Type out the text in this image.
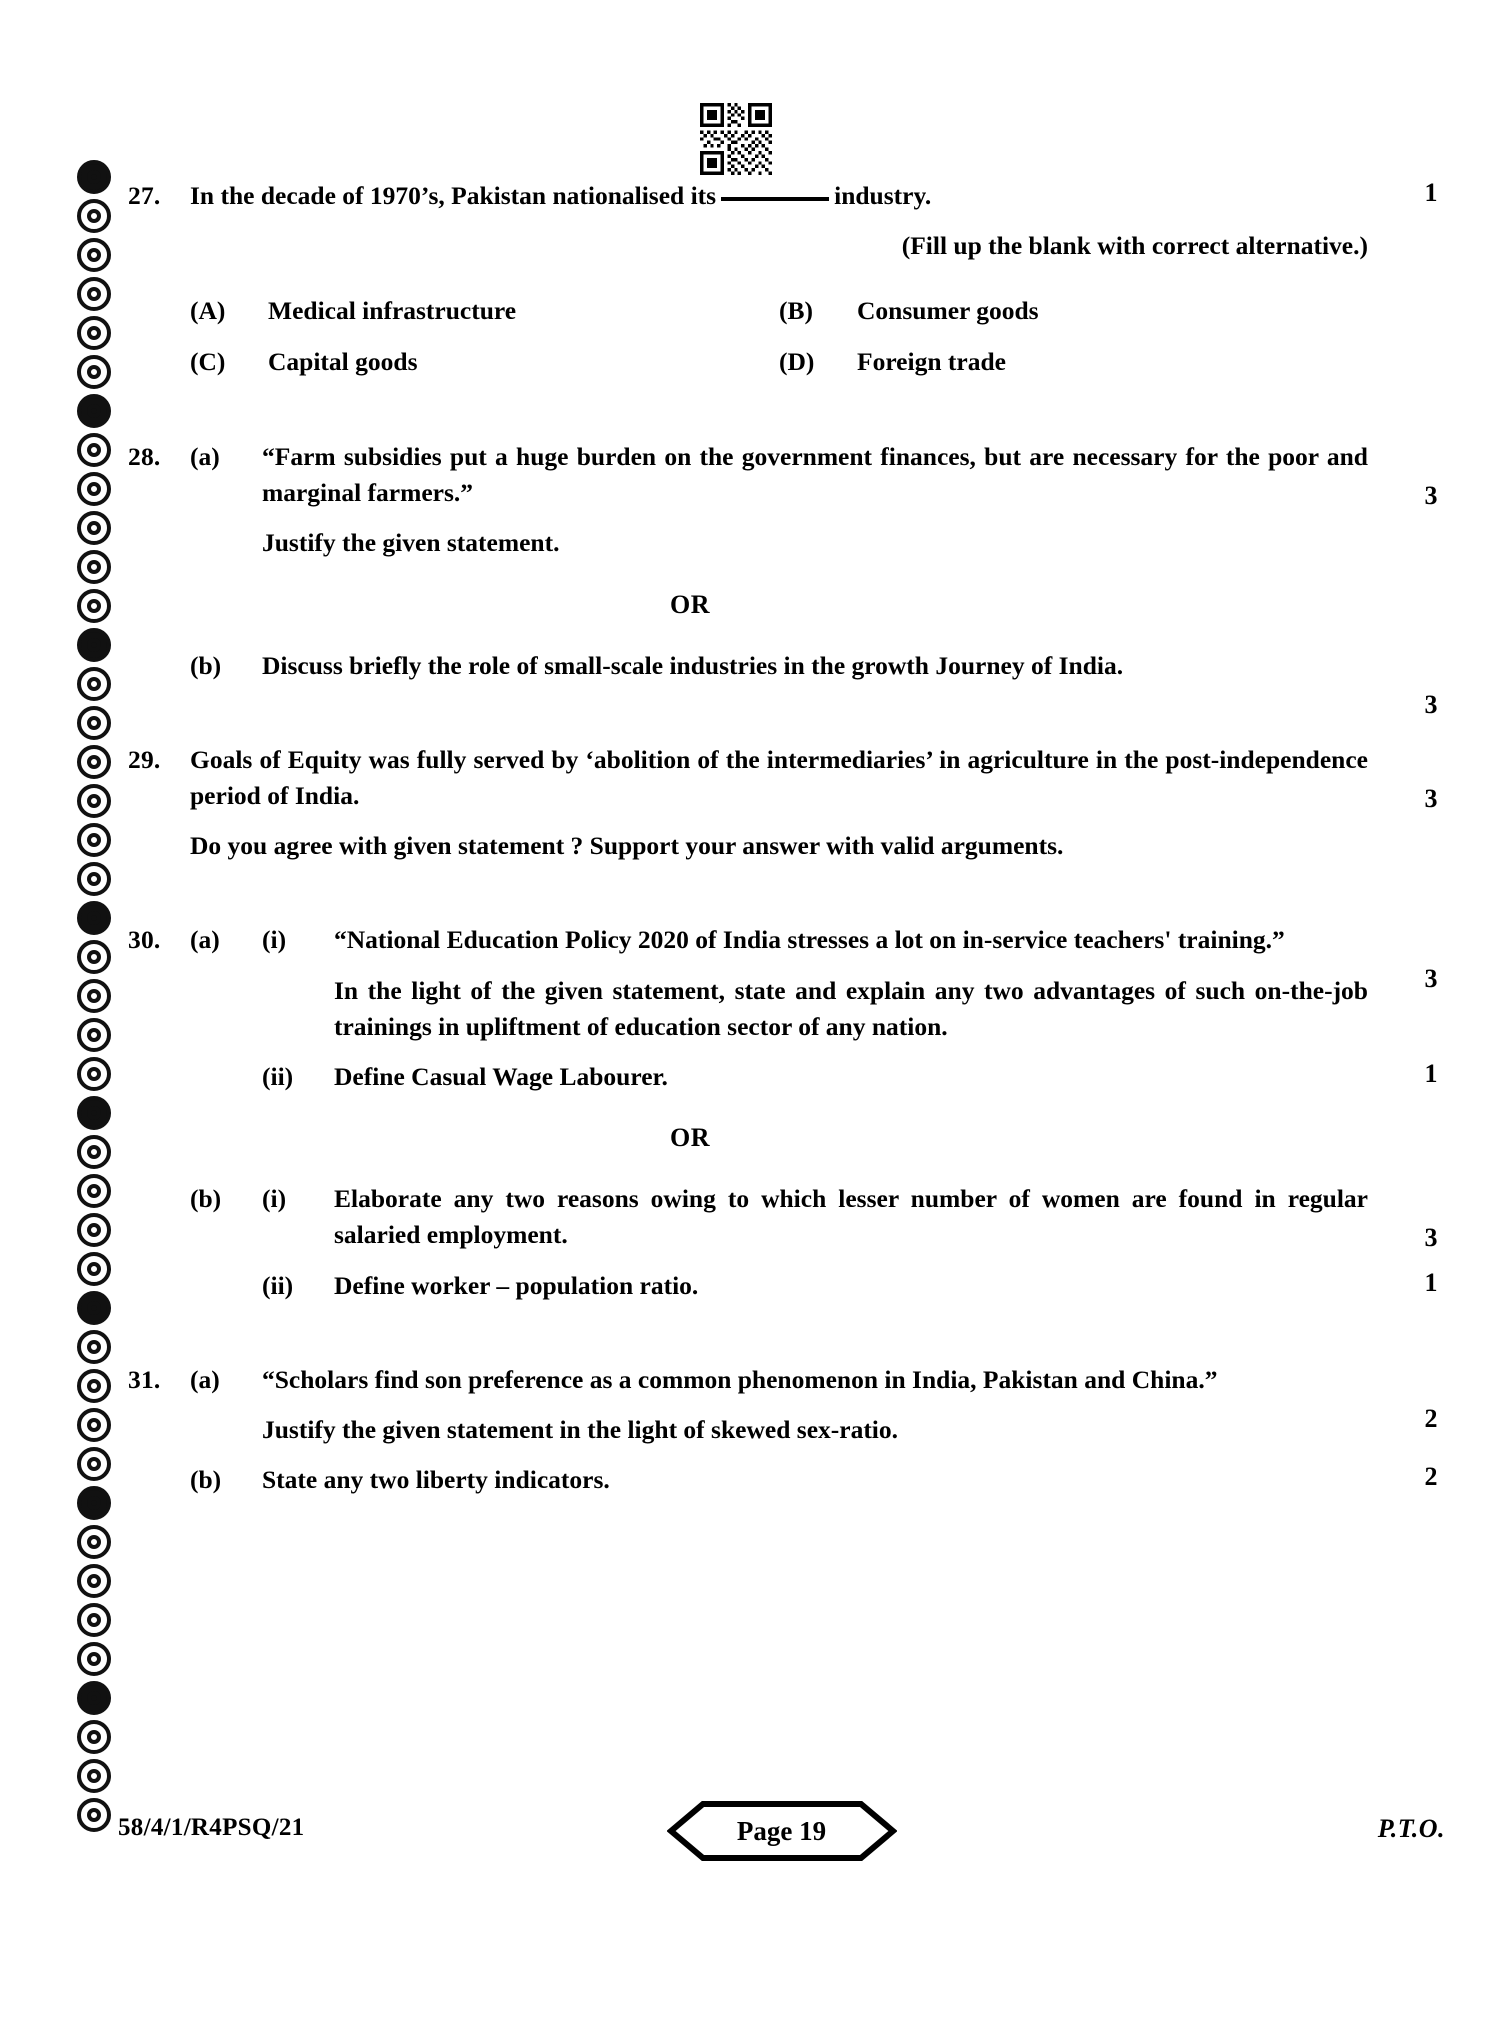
27.	In the decade of 1970’s, Pakistan nationalised its	industry.	1
(Fill up the blank with correct alternative.)
(A)	Medical infrastructure	(B)	Consumer goods
(C)	Capital goods	(D)	Foreign trade
28.	(a)	“Farm subsidies put a huge burden on the government finances, but are necessary for the poor and marginal farmers.”	3
Justify the given statement.
OR
(b)	Discuss briefly the role of small-scale industries in the growth Journey of India.
3
29.	Goals of Equity was fully served by ‘abolition of the intermediaries’ in agriculture in the post-independence period of India.	3
Do you agree with given statement ? Support your answer with valid arguments.
30.	(a)	(i)	“National Education Policy 2020 of India stresses a lot on in-service teachers' training.”
3
In the light of the given statement, state and explain any two advantages of such on-the-job trainings in upliftment of education sector of any nation.
(ii)	Define Casual Wage Labourer.	1
OR
(b)	(i)	Elaborate any two reasons owing to which lesser number of women are found in regular salaried employment.	3
(ii)	Define worker – population ratio.	1
31.	(a)	“Scholars find son preference as a common phenomenon in India, Pakistan and China.”
2
Justify the given statement in the light of skewed sex-ratio.
(b)	State any two liberty indicators.	2
58/4/1/R4PSQ/21	Page 19	P.T.O.
